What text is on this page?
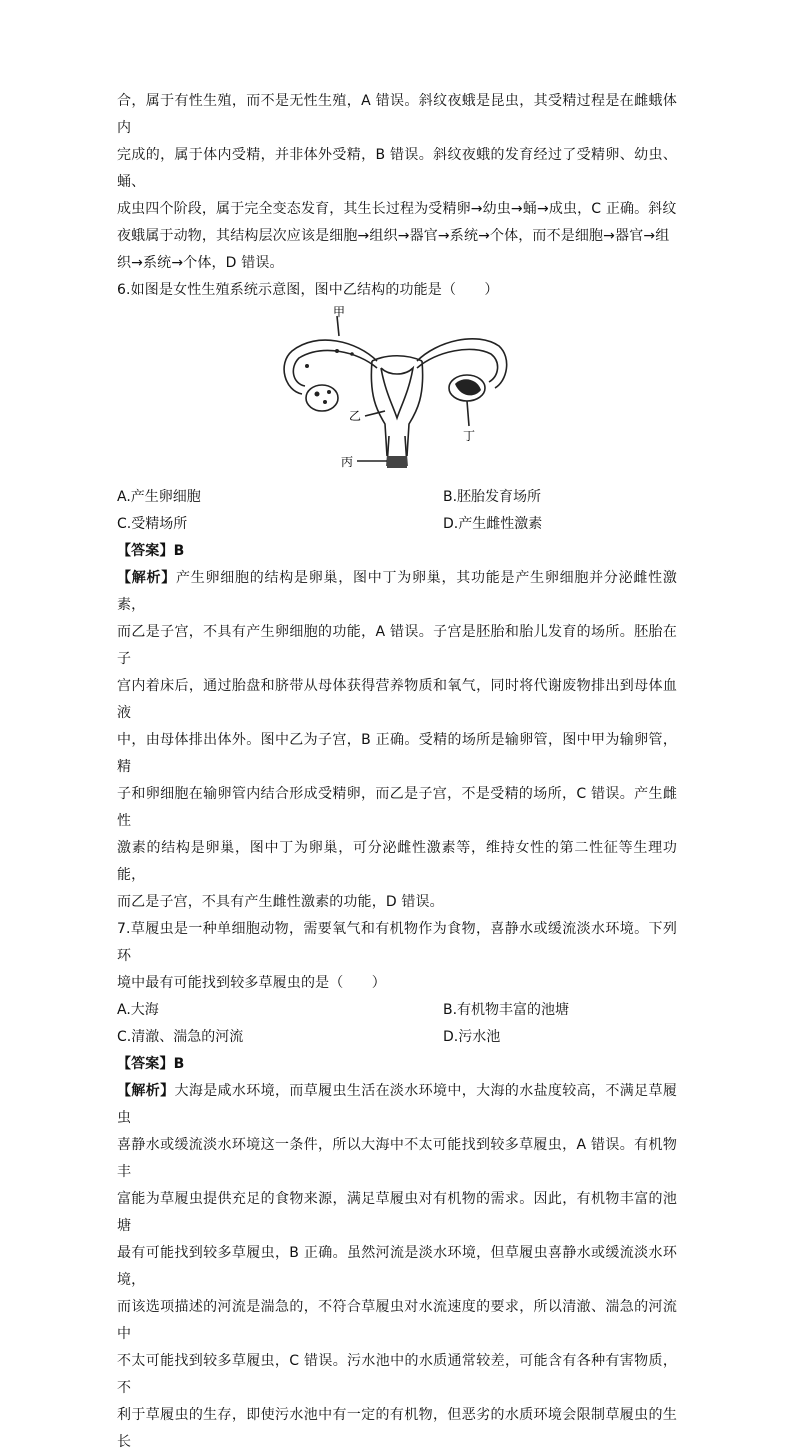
合，属于有性生殖，而不是无性生殖，A 错误。斜纹夜蛾是昆虫，其受精过程是在雌蛾体内

完成的，属于体内受精，并非体外受精，B 错误。斜纹夜蛾的发育经过了受精卵、幼虫、蛹、

成虫四个阶段，属于完全变态发育，其生长过程为受精卵→幼虫→蛹→成虫，C 正确。斜纹

夜蛾属于动物，其结构层次应该是细胞→组织→器官→系统→个体，而不是细胞→器官→组

织→系统→个体，D 错误。

6.如图是女性生殖系统示意图，图中乙结构的功能是（　　）

甲
乙
丙
丁
A.产生卵细胞	B.胚胎发育场所
C.受精场所	D.产生雌性激素

【答案】B

【解析】产生卵细胞的结构是卵巢，图中丁为卵巢，其功能是产生卵细胞并分泌雌性激素，

而乙是子宫，不具有产生卵细胞的功能，A 错误。子宫是胚胎和胎儿发育的场所。胚胎在子

宫内着床后，通过胎盘和脐带从母体获得营养物质和氧气，同时将代谢废物排出到母体血液

中，由母体排出体外。图中乙为子宫，B 正确。受精的场所是输卵管，图中甲为输卵管，精

子和卵细胞在输卵管内结合形成受精卵，而乙是子宫，不是受精的场所，C 错误。产生雌性

激素的结构是卵巢，图中丁为卵巢，可分泌雌性激素等，维持女性的第二性征等生理功能，

而乙是子宫，不具有产生雌性激素的功能，D 错误。

7.草履虫是一种单细胞动物，需要氧气和有机物作为食物，喜静水或缓流淡水环境。下列环

境中最有可能找到较多草履虫的是（　　）

A.大海	B.有机物丰富的池塘
C.清澈、湍急的河流	D.污水池

【答案】B

【解析】大海是咸水环境，而草履虫生活在淡水环境中，大海的水盐度较高，不满足草履虫

喜静水或缓流淡水环境这一条件，所以大海中不太可能找到较多草履虫，A 错误。有机物丰

富能为草履虫提供充足的食物来源，满足草履虫对有机物的需求。因此，有机物丰富的池塘

最有可能找到较多草履虫，B 正确。虽然河流是淡水环境，但草履虫喜静水或缓流淡水环境，

而该选项描述的河流是湍急的，不符合草履虫对水流速度的要求，所以清澈、湍急的河流中

不太可能找到较多草履虫，C 错误。污水池中的水质通常较差，可能含有各种有害物质，不

利于草履虫的生存，即使污水池中有一定的有机物，但恶劣的水质环境会限制草履虫的生长
